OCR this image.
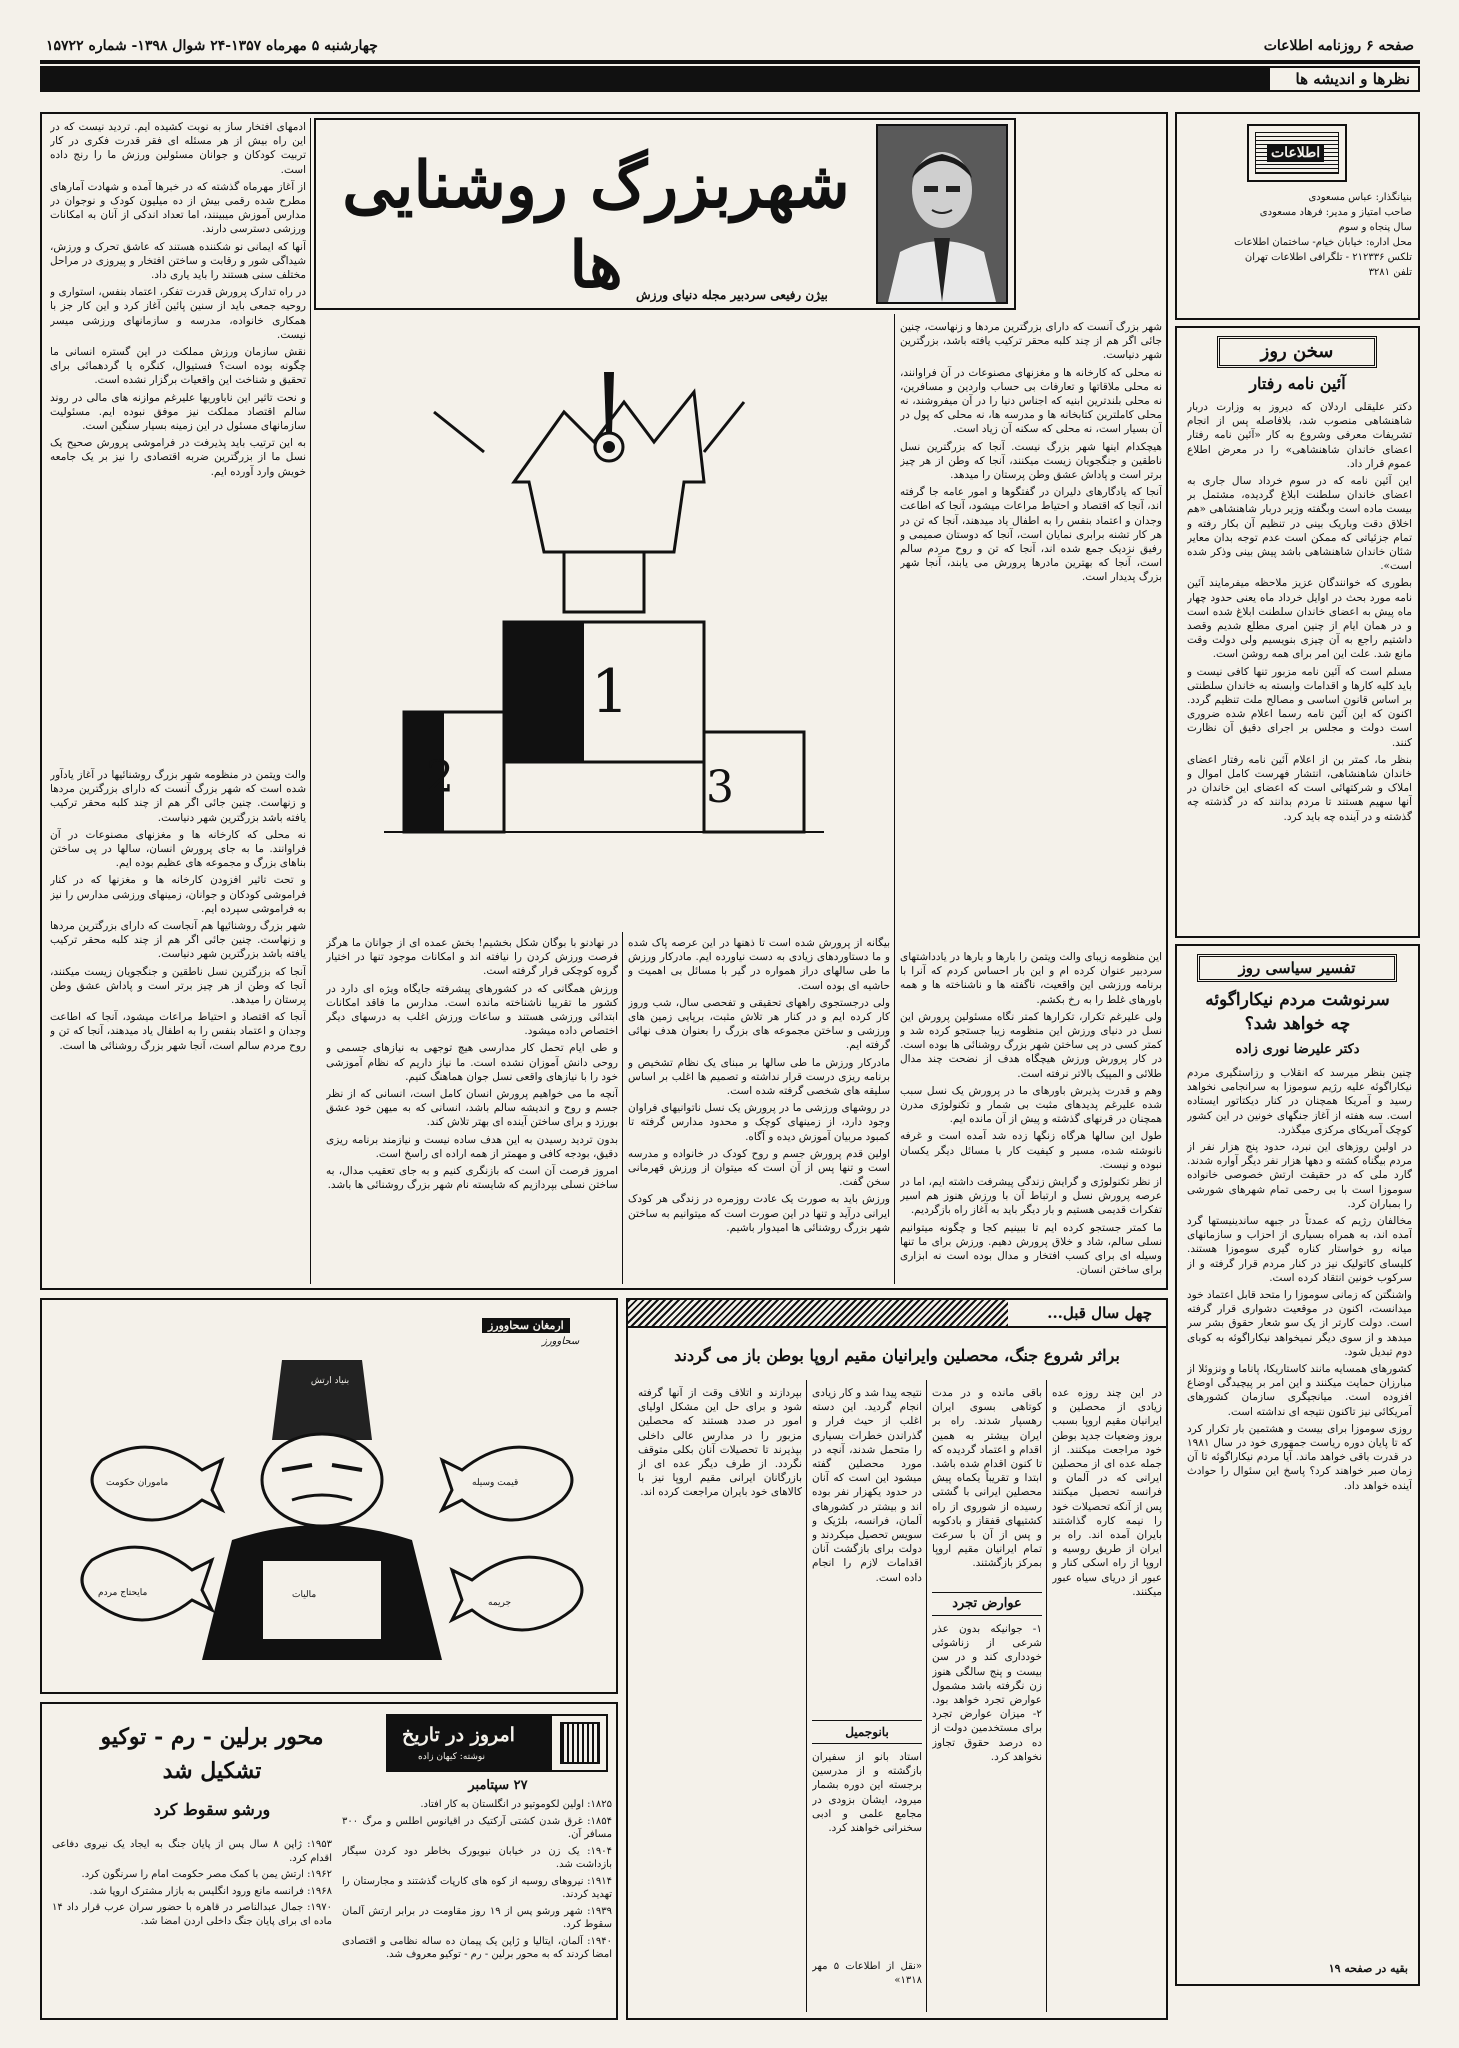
صفحه ۶ روزنامه اطلاعات
چهارشنبه ۵ مهرماه ۱۳۵۷-۲۴ شوال ۱۳۹۸- شماره ۱۵۷۲۲
نظرها و اندیشه ها
اطلاعات
بنیانگذار: عباس مسعودی
صاحب امتیاز و مدیر: فرهاد مسعودی
سال پنجاه و سوم
محل اداره: خیابان خیام- ساختمان اطلاعات
تلکس ۲۱۲۳۳۶ - تلگرافی اطلاعات تهران
تلفن ۳۲۸۱
سخن روز
آئین نامه رفتار

دکتر علیقلی اردلان که دیروز به وزارت دربار شاهنشاهی منصوب شد، بلافاصله پس از انجام تشریفات معرفی وشروع به کار «آئین نامه رفتار اعضای خاندان شاهنشاهی» را در معرض اطلاع عموم قرار داد.

این آئین نامه که در سوم خرداد سال جاری به اعضای خاندان سلطنت ابلاغ گردیده، مشتمل بر بیست ماده است وبگفته وزیر دربار شاهنشاهی «هم اخلاق دقت وباریک بینی در تنظیم آن بکار رفته و تمام جزئیاتی که ممکن است عدم توجه بدان معایر شئان خاندان شاهنشاهی باشد پیش بینی وذکر شده است».

بطوری که خوانندگان عزیز ملاحظه میفرمایند آئین نامه مورد بحث در اوایل خرداد ماه یعنی حدود چهار ماه پیش به اعضای خاندان سلطنت ابلاغ شده است و در همان ایام از چنین امری مطلع شدیم وقصد داشتیم راجع به آن چیزی بنویسیم ولی دولت وقت مانع شد. علت این امر برای همه روشن است.

مسلم است که آئین نامه مزبور تنها کافی نیست و باید کلیه کارها و اقدامات وابسته به خاندان سلطنتی بر اساس قانون اساسی و مصالح ملت تنظیم گردد. اکنون که این آئین نامه رسما اعلام شده ضروری است دولت و مجلس بر اجرای دقیق آن نظارت کنند.

بنظر ما، کمتر بن از اعلام آئین نامه رفتار اعضای خاندان شاهنشاهی، انتشار فهرست کامل اموال و املاک و شرکتهائی است که اعضای این خاندان در آنها سهیم هستند تا مردم بدانند که در گذشته چه گذشته و در آینده چه باید کرد.

تفسیر سیاسی روز
سرنوشت مردم نیکاراگوئه
چه خواهد شد؟
دکتر علیرضا نوری زاده

چنین بنظر میرسد که انقلاب و رزاستگیری مردم نیکاراگوئه علیه رژیم سوموزا به سرانجامی نخواهد رسید و آمریکا همچنان در کنار دیکتاتور ایستاده است. سه هفته از آغاز جنگهای خونین در این کشور کوچک آمریکای مرکزی میگذرد.

در اولین روزهای این نبرد، حدود پنج هزار نفر از مردم بیگناه کشته و دهها هزار نفر دیگر آواره شدند. گارد ملی که در حقیقت ارتش خصوصی خانواده سوموزا است با بی رحمی تمام شهرهای شورشی را بمباران کرد.

مخالفان رژیم که عمدتاً در جبهه ساندینیستها گرد آمده اند، به همراه بسیاری از احزاب و سازمانهای میانه رو خواستار کناره گیری سوموزا هستند. کلیسای کاتولیک نیز در کنار مردم قرار گرفته و از سرکوب خونین انتقاد کرده است.

واشنگتن که زمانی سوموزا را متحد قابل اعتماد خود میدانست، اکنون در موقعیت دشواری قرار گرفته است. دولت کارتر از یک سو شعار حقوق بشر سر میدهد و از سوی دیگر نمیخواهد نیکاراگوئه به کوبای دوم تبدیل شود.

کشورهای همسایه مانند کاستاریکا، پاناما و ونزوئلا از مبارزان حمایت میکنند و این امر بر پیچیدگی اوضاع افزوده است. میانجیگری سازمان کشورهای آمریکائی نیز تاکنون نتیجه ای نداشته است.

روزی سوموزا برای بیست و هشتمین بار تکرار کرد که تا پایان دوره ریاست جمهوری خود در سال ۱۹۸۱ در قدرت باقی خواهد ماند. آیا مردم نیکاراگوئه تا آن زمان صبر خواهند کرد؟ پاسخ این سئوال را حوادث آینده خواهد داد.

بقیه در صفحه ۱۹
شهربزرگ روشنایی ها	بیژن رفیعی سردبیر مجله دنیای ورزش

شهر بزرگ آنست که دارای بزرگترین مردها و زنهاست، چنین جائی اگر هم از چند کلبه محقر ترکیب یافته باشد، بزرگترین شهر دنیاست.

نه محلی که کارخانه ها و مغزنهای مصنوعات در آن فراوانند، نه محلی ملاقاتها و تعارفات بی حساب واردین و مسافرین، نه محلی بلندترین ابنیه که اجناس دنیا را در آن میفروشند، نه محلی کاملترین کتابخانه ها و مدرسه ها، نه محلی که پول در آن بسیار است، نه محلی که سکنه آن زیاد است.

هیچکدام اینها شهر بزرگ نیست. آنجا که بزرگترین نسل ناطقین و جنگجویان زیست میکنند، آنجا که وطن از هر چیز برتر است و پاداش عشق وطن پرستان را میدهد.

آنجا که یادگارهای دلیران در گفتگوها و امور عامه جا گرفته اند، آنجا که اقتصاد و احتیاط مراعات میشود، آنجا که اطاعت وجدان و اعتماد بنفس را به اطفال یاد میدهند، آنجا که تن در هر کار تشنه برابری نمایان است، آنجا که دوستان صمیمی و رفیق نزدیک جمع شده اند، آنجا که تن و روح مردم سالم است، آنجا که بهترین مادرها پرورش می یابند، آنجا شهر بزرگ پدیدار است.

1
2	3

این منظومه زیبای والت ویتمن را بارها و بارها در یادداشتهای سردبیر عنوان کرده ام و این بار احساس کردم که آنرا با برنامه ورزشی این واقعیت، ناگفته ها و ناشناخته ها و همه باورهای غلط را به رخ بکشم.

ولی علیرغم تکرار، تکرارها کمتر نگاه مسئولین پرورش این نسل در دنیای ورزش این منظومه زیبا جستجو کرده شد و کمتر کسی در پی ساختن شهر بزرگ روشنائی ها بوده است. در کار پرورش ورزش هیچگاه هدف از نضحت چند مدال طلائی و المپیک بالاتر نرفته است.

وهم و قدرت پذیرش باورهای ما در پرورش یک نسل سبب شده علیرغم پدیدهای مثبت بی شمار و تکنولوژی مدرن همچنان در قرنهای گذشته و پیش از آن مانده ایم.

طول این سالها هرگاه زنگها زده شد آمده است و غرفه نانوشته شده، مسیر و کیفیت کار با مسائل دیگر یکسان نبوده و نیست.

از نظر تکنولوژی و گرایش زندگی پیشرفت داشته ایم، اما در عرصه پرورش نسل و ارتباط آن با ورزش هنوز هم اسیر تفکرات قدیمی هستیم و بار دیگر باید به آغاز راه بازگردیم.

ما کمتر جستجو کرده ایم تا ببینیم کجا و چگونه میتوانیم نسلی سالم، شاد و خلاق پرورش دهیم. ورزش برای ما تنها وسیله ای برای کسب افتخار و مدال بوده است نه ابزاری برای ساختن انسان.

بیگانه از پرورش شده است تا ذهنها در این عرصه پاک شده و ما دستاوردهای زیادی به دست نیاورده ایم. مادرکار ورزش ما طی سالهای دراز همواره در گیر با مسائل بی اهمیت و حاشیه ای بوده است.

ولی درجستجوی راههای تحقیقی و تفحصی سال، شب وروز کار کرده ایم و در کنار هر تلاش مثبت، برپایی زمین های ورزشی و ساختن مجموعه های بزرگ را بعنوان هدف نهائی گرفته ایم.

مادرکار ورزش ما طی سالها بر مبنای یک نظام تشخیص و برنامه ریزی درست قرار نداشته و تصمیم ها اغلب بر اساس سلیقه های شخصی گرفته شده است.

در روشهای ورزشی ما در پرورش یک نسل ناتوانیهای فراوان وجود دارد، از زمینهای کوچک و محدود مدارس گرفته تا کمبود مربیان آموزش دیده و آگاه.

اولین قدم پرورش جسم و روح کودک در خانواده و مدرسه است و تنها پس از آن است که میتوان از ورزش قهرمانی سخن گفت.

ورزش باید به صورت یک عادت روزمره در زندگی هر کودک ایرانی درآید و تنها در این صورت است که میتوانیم به ساختن شهر بزرگ روشنائی ها امیدوار باشیم.

در نهادنو با بوگان شکل بخشیم! بخش عمده ای از جوانان ما هرگز فرصت ورزش کردن را نیافته اند و امکانات موجود تنها در اختیار گروه کوچکی قرار گرفته است.

ورزش همگانی که در کشورهای پیشرفته جایگاه ویژه ای دارد در کشور ما تقریبا ناشناخته مانده است. مدارس ما فاقد امکانات ابتدائی ورزشی هستند و ساعات ورزش اغلب به درسهای دیگر اختصاص داده میشود.

و طی ایام تحمل کار مدارسی هیچ توجهی به نیازهای جسمی و روحی دانش آموزان نشده است. ما نیاز داریم که نظام آموزشی خود را با نیازهای واقعی نسل جوان هماهنگ کنیم.

آنچه ما می خواهیم پرورش انسان کامل است، انسانی که از نظر جسم و روح و اندیشه سالم باشد، انسانی که به میهن خود عشق بورزد و برای ساختن آینده ای بهتر تلاش کند.

بدون تردید رسیدن به این هدف ساده نیست و نیازمند برنامه ریزی دقیق، بودجه کافی و مهمتر از همه اراده ای راسخ است.

امروز فرصت آن است که بازنگری کنیم و به جای تعقیب مدال، به ساختن نسلی بپردازیم که شایسته نام شهر بزرگ روشنائی ها باشد.

ادمهای افتخار ساز به نوبت کشیده ایم. تردید نیست که در این راه بیش از هر مسئله ای فقر قدرت فکری در کار تربیت کودکان و جوانان مسئولین ورزش ما را رنج داده است.

از آغاز مهرماه گذشته که در خبرها آمده و شهادت آمارهای مطرح شده رقمی بیش از ده میلیون کودک و نوجوان در مدارس آموزش میبینند، اما تعداد اندکی از آنان به امکانات ورزشی دسترسی دارند.

آنها که ایمانی نو شکننده هستند که عاشق تحرک و ورزش، شیداگی شور و رقابت و ساختن افتخار و پیروزی در مراحل مختلف سنی هستند را باید یاری داد.

در راه تدارک پرورش قدرت تفکر، اعتماد بنفس، استواری و روحیه جمعی باید از سنین پائین آغاز کرد و این کار جز با همکاری خانواده، مدرسه و سازمانهای ورزشی میسر نیست.

نقش سازمان ورزش مملکت در این گستره انسانی ما چگونه بوده است؟ فستیوال، کنگره یا گردهمائی برای تحقیق و شناخت این واقعیات برگزار نشده است.

و نحت تاثیر این ناباوریها علیرغم موازنه های مالی در روند سالم اقتصاد مملکت نیز موفق نبوده ایم. مسئولیت سازمانهای مسئول در این زمینه بسیار سنگین است.

به این ترتیب باید پذیرفت در فراموشی پرورش صحیح یک نسل ما از بزرگترین ضربه اقتصادی را نیز بر یک جامعه خویش وارد آورده ایم.

والت ویتمن در منظومه شهر بزرگ روشنائیها در آغاز یادآور شده است که شهر بزرگ آنست که دارای بزرگترین مردها و زنهاست. چنین جائی اگر هم از چند کلبه محقر ترکیب یافته باشد بزرگترین شهر دنیاست.

نه محلی که کارخانه ها و مغزنهای مصنوعات در آن فراوانند. ما به جای پرورش انسان، سالها در پی ساختن بناهای بزرگ و مجموعه های عظیم بوده ایم.

و تحت تاثیر افزودن کارخانه ها و مغزنها که در کنار فراموشی کودکان و جوانان، زمینهای ورزشی مدارس را نیز به فراموشی سپرده ایم.

شهر بزرگ روشنائیها هم آنجاست که دارای بزرگترین مردها و زنهاست. چنین جائی اگر هم از چند کلبه محقر ترکیب یافته باشد بزرگترین شهر دنیاست.

آنجا که بزرگترین نسل ناطقین و جنگجویان زیست میکنند، آنجا که وطن از هر چیز برتر است و پاداش عشق وطن پرستان را میدهد.

آنجا که اقتصاد و احتیاط مراعات میشود، آنجا که اطاعت وجدان و اعتماد بنفس را به اطفال یاد میدهند، آنجا که تن و روح مردم سالم است، آنجا شهر بزرگ روشنائی ها است.

ارمغان سحاوورز
سحاوورز
بنیاد ارتش
ماموران حکومت	قیمت وسیله
مالیات
مایحتاج مردم
جریمه
امروز در تاریخ
نوشته: کیهان زاده
۲۷ سپتامبر
محور برلین - رم - توکیو
تشکیل شد
ورشو سقوط کرد	۱۸۲۵: اولین لکوموتیو در انگلستان به کار افتاد.

۱۸۵۴: غرق شدن کشتی آرکتیک در اقیانوس اطلس و مرگ ۳۰۰ مسافر آن.

۱۹۰۴: یک زن در خیابان نیویورک بخاطر دود کردن سیگار بازداشت شد.

۱۹۱۴: نیروهای روسیه از کوه های کارپات گذشتند و مجارستان را تهدید کردند.

۱۹۳۹: شهر ورشو پس از ۱۹ روز مقاومت در برابر ارتش آلمان سقوط کرد.

۱۹۴۰: آلمان، ایتالیا و ژاپن یک پیمان ده ساله نظامی و اقتصادی امضا کردند که به محور برلین - رم - توکیو معروف شد.

۱۹۵۳: ژاپن ۸ سال پس از پایان جنگ به ایجاد یک نیروی دفاعی اقدام کرد.

۱۹۶۲: ارتش یمن با کمک مصر حکومت امام را سرنگون کرد.

۱۹۶۸: فرانسه مانع ورود انگلیس به بازار مشترک اروپا شد.

۱۹۷۰: جمال عبدالناصر در قاهره با حضور سران عرب قرار داد ۱۴ ماده ای برای پایان جنگ داخلی اردن امضا شد.

چهل سال قبل...
براثر شروع جنگ، محصلین وایرانیان مقیم اروپا بوطن باز می گردند

در این چند روزه عده زیادی از محصلین و ایرانیان مقیم اروپا بسبب بروز وضعیات جدید بوطن خود مراجعت میکنند. از جمله عده ای از محصلین ایرانی که در آلمان و فرانسه تحصیل میکنند پس از آنکه تحصیلات خود را نیمه کاره گذاشتند بایران آمده اند. راه بر ایران از طریق روسیه و اروپا از راه اسکی کنار و عبور از دریای سیاه عبور میکنند.

باقی مانده و در مدت کوتاهی بسوی ایران رهسپار شدند. راه بر ایران بیشتر به همین اقدام و اعتماد گردیده که تا کنون اقدام شده باشد. ابتدا و تقریباً یکماه پیش محصلین ایرانی با گشتی رسیده از شوروی از راه کشتیهای قفقاز و بادکوبه و پس از آن با سرعت تمام ایرانیان مقیم اروپا بمرکز بازگشتند.

عوارض تجرد

۱- جوانیکه بدون عذر شرعی از زناشوئی خودداری کند و در سن بیست و پنج سالگی هنوز زن نگرفته باشد مشمول عوارض تجرد خواهد بود. ۲- میزان عوارض تجرد برای مستخدمین دولت از ده درصد حقوق تجاوز نخواهد کرد.

نتیجه پیدا شد و کار زیادی انجام گردید. این دسته اغلب از حیث فرار و گذراندن خطرات بسیاری را متحمل شدند، آنچه در مورد محصلین گفته میشود این است که آنان در حدود یکهزار نفر بوده اند و بیشتر در کشورهای آلمان، فرانسه، بلژیک و سویس تحصیل میکردند و دولت برای بازگشت آنان اقدامات لازم را انجام داده است.

بانوجمیل

استاد بانو از سفیران بازگشته و از مدرسین برجسته این دوره بشمار میرود، ایشان بزودی در مجامع علمی و ادبی سخنرانی خواهند کرد.

«نقل از اطلاعات ۵ مهر ۱۳۱۸»

بپردازند و اتلاف وقت از آنها گرفته شود و برای حل این مشکل اولیای امور در صدد هستند که محصلین مزبور را در مدارس عالی داخلی بپذیرند تا تحصیلات آنان بکلی متوقف نگردد. از طرف دیگر عده ای از بازرگانان ایرانی مقیم اروپا نیز با کالاهای خود بایران مراجعت کرده اند.
